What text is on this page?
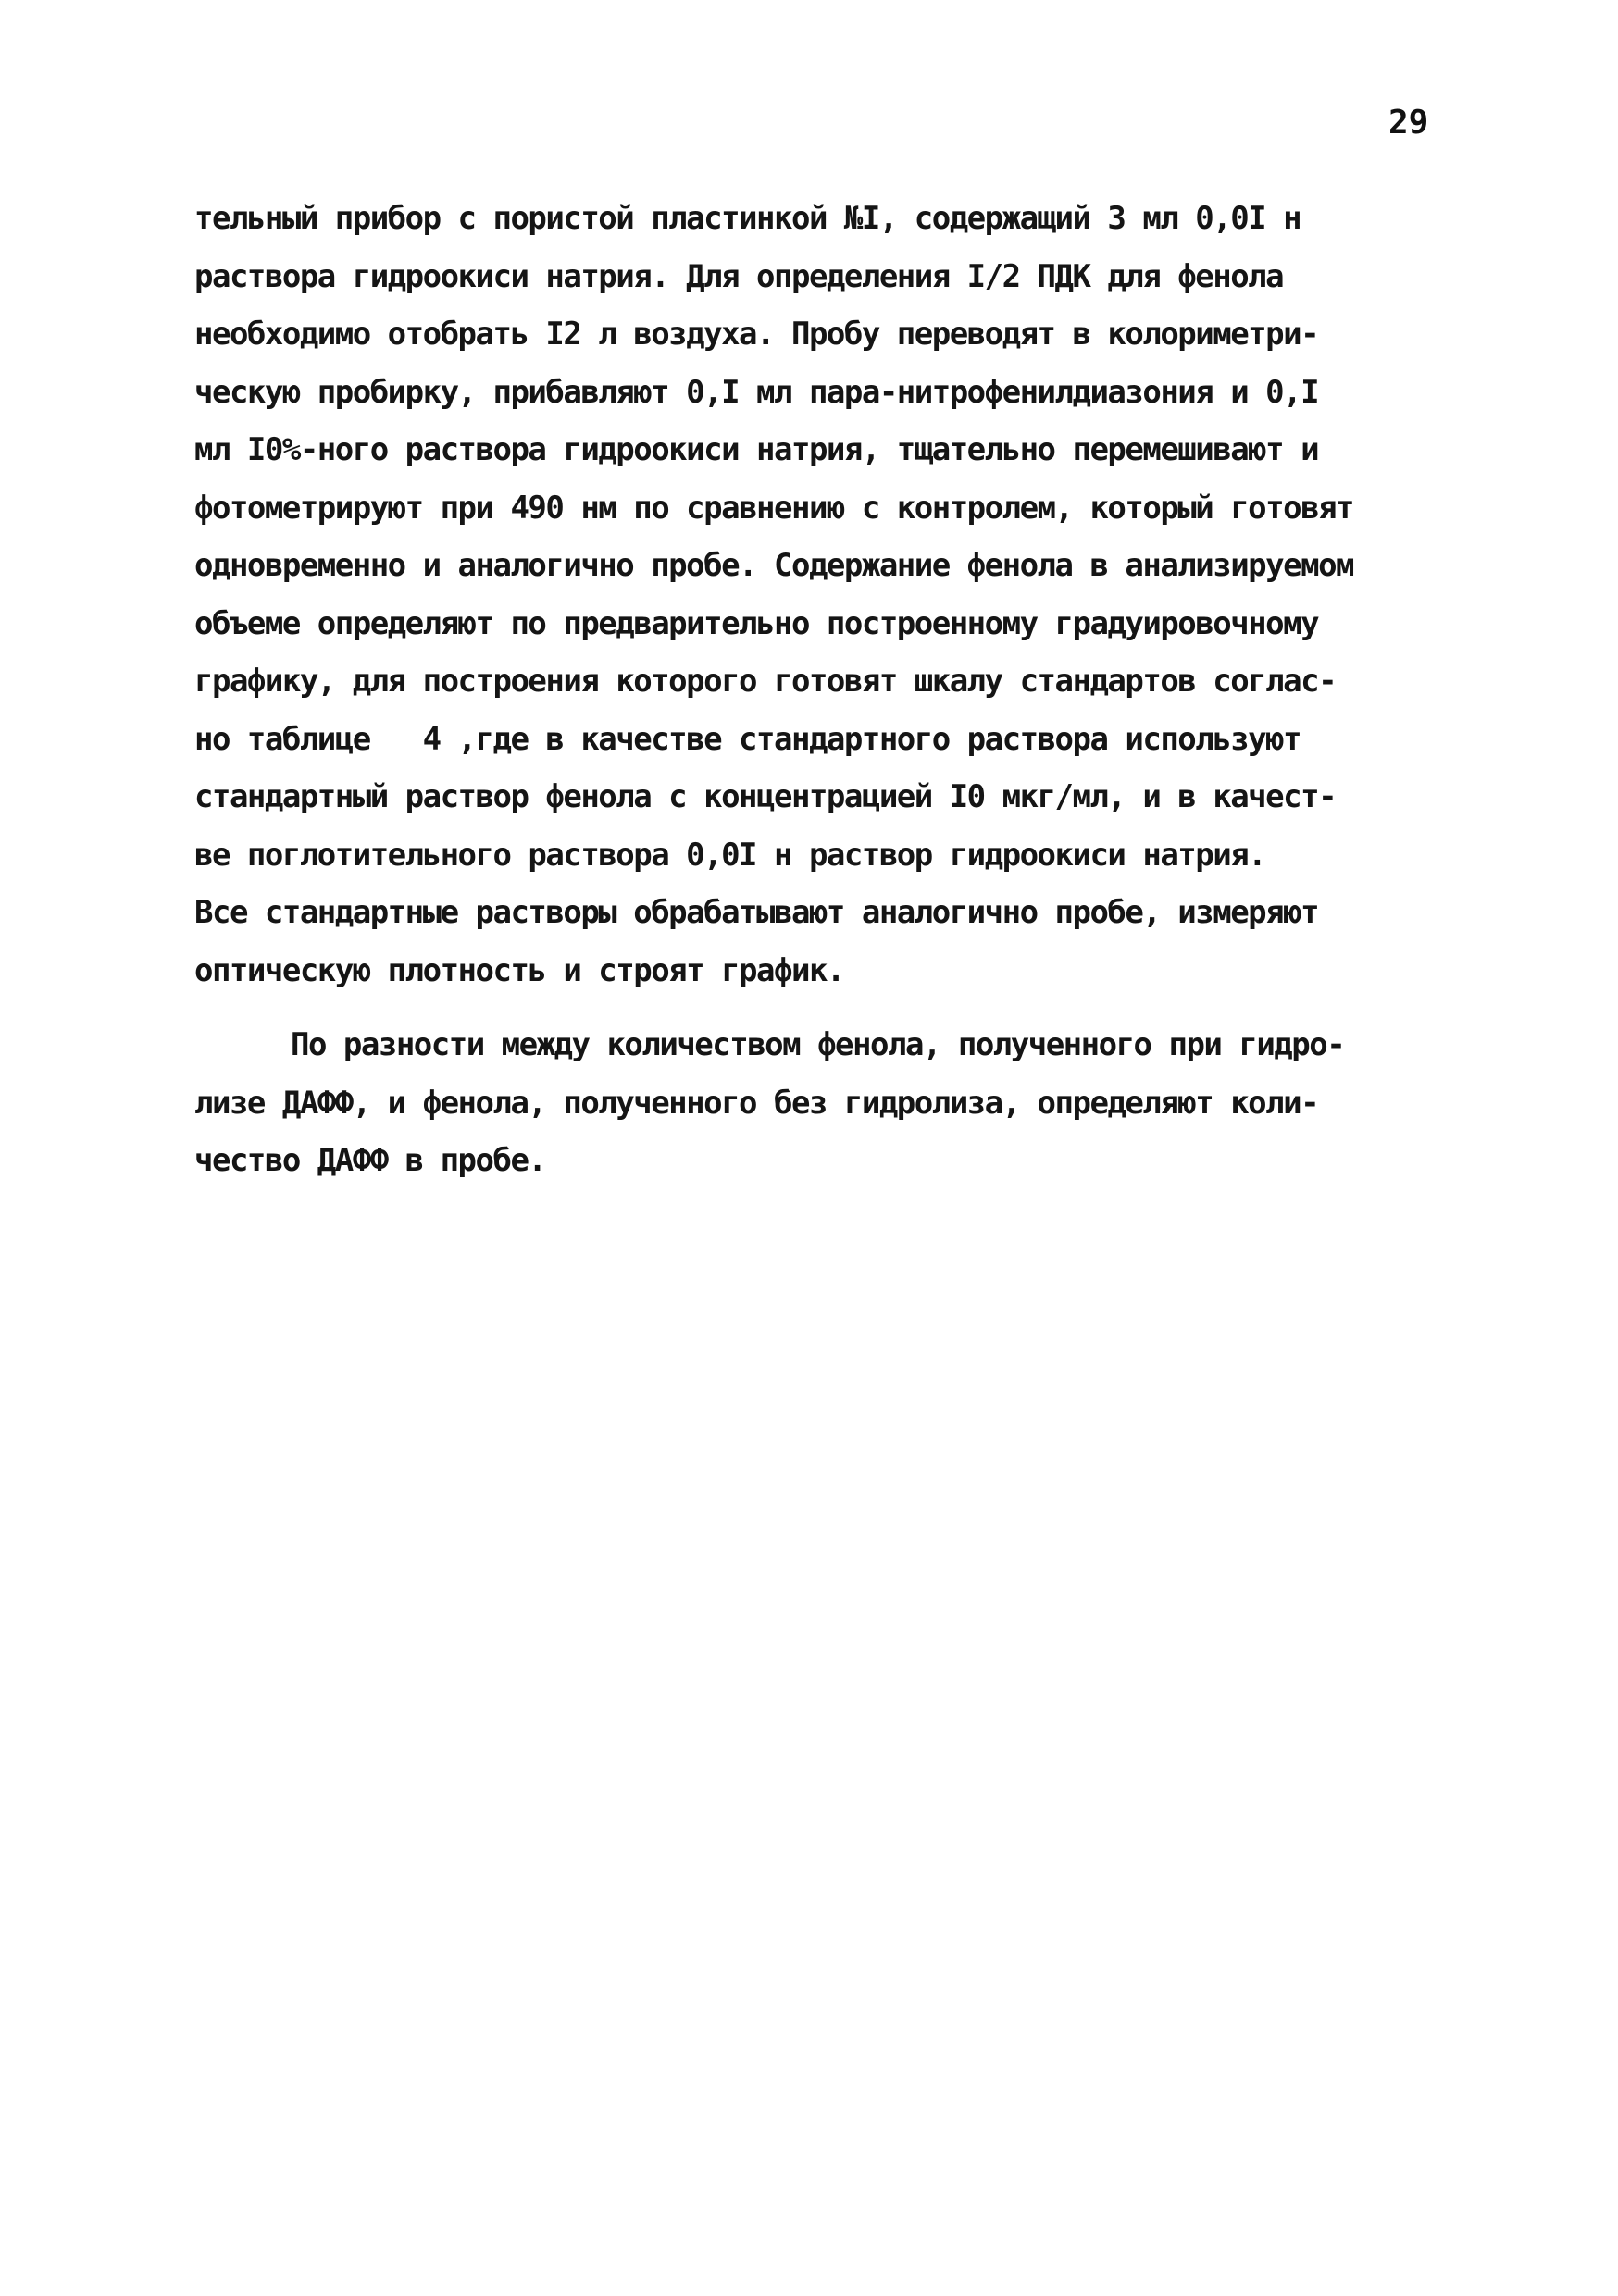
29
тельный прибор с пористой пластинкой №I, содержащий 3 мл 0,0I н
раствора гидроокиси натрия. Для определения I/2 ПДК для фенола
необходимо отобрать I2 л воздуха. Пробу переводят в колориметри-
ческую пробирку, прибавляют 0,I мл пара-нитрофенилдиазония и 0,I
мл I0%-ного раствора гидроокиси натрия, тщательно перемешивают и
фотометрируют при 490 нм по сравнению с контролем, который готовят
одновременно и аналогично пробе. Содержание фенола в анализируемом
объеме определяют по предварительно построенному градуировочному
графику, для построения которого готовят шкалу стандартов соглас-
но таблице   4 ,где в качестве стандартного раствора используют
стандартный раствор фенола с концентрацией I0 мкг/мл, и в качест-
ве поглотительного раствора 0,0I н раствор гидроокиси натрия.
Все стандартные растворы обрабатывают аналогично пробе, измеряют
оптическую плотность и строят график.
По разности между количеством фенола, полученного при гидро-
лизе ДАФФ, и фенола, полученного без гидролиза, определяют коли-
чество ДАФФ в пробе.
